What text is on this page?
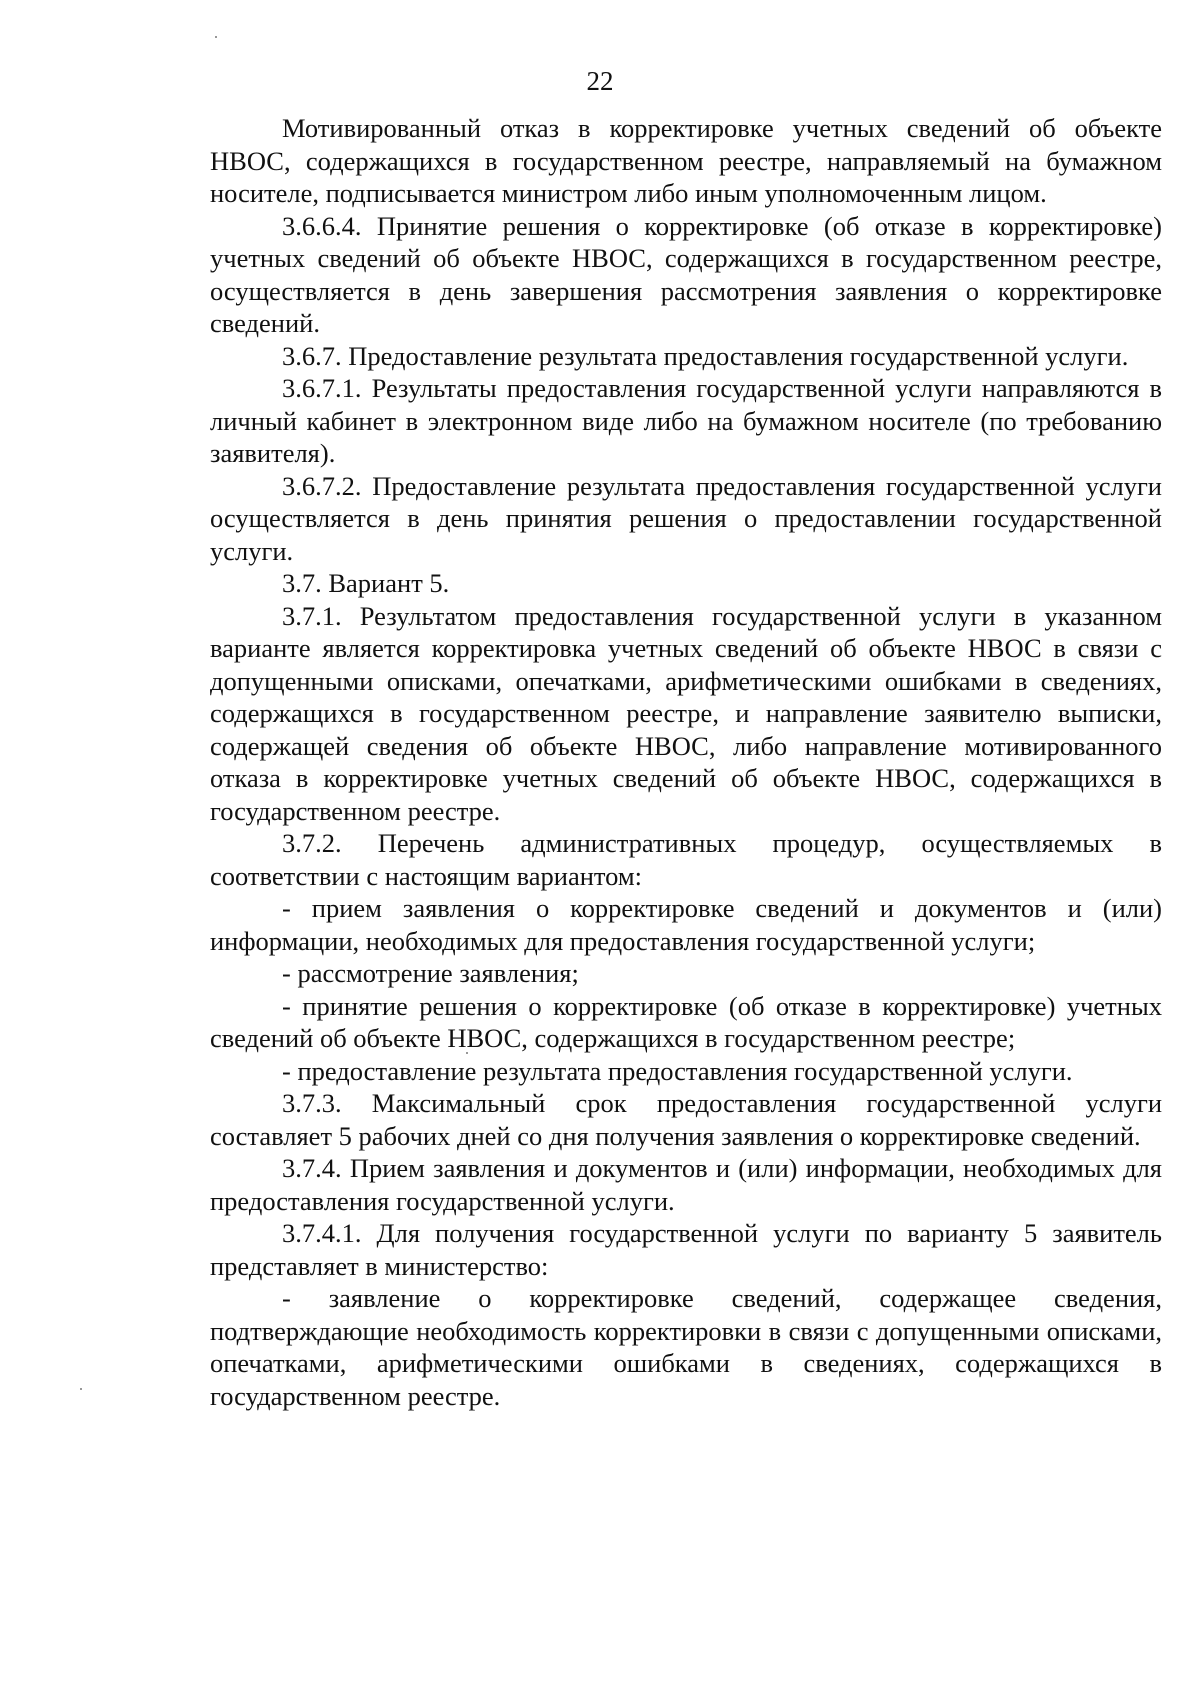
22

Мотивированный отказ в корректировке учетных сведений об объекте НВОС, содержащихся в государственном реестре, направляемый на бумажном носителе, подписывается министром либо иным уполномоченным лицом.

3.6.6.4. Принятие решения о корректировке (об отказе в корректировке) учетных сведений об объекте НВОС, содержащихся в государственном реестре, осуществляется в день завершения рассмотрения заявления о корректировке сведений.

3.6.7. Предоставление результата предоставления государственной услуги.

3.6.7.1. Результаты предоставления государственной услуги направляются в личный кабинет в электронном виде либо на бумажном носителе (по требованию заявителя).

3.6.7.2. Предоставление результата предоставления государственной услуги осуществляется в день принятия решения о предоставлении государственной услуги.

3.7. Вариант 5.

3.7.1. Результатом предоставления государственной услуги в указанном варианте является корректировка учетных сведений об объекте НВОС в связи с допущенными описками, опечатками, арифметическими ошибками в сведениях, содержащихся в государственном реестре, и направление заявителю выписки, содержащей сведения об объекте НВОС, либо направление мотивированного отказа в корректировке учетных сведений об объекте НВОС, содержащихся в государственном реестре.

3.7.2. Перечень административных процедур, осуществляемых в соответствии с настоящим вариантом:

- прием заявления о корректировке сведений и документов и (или) информации, необходимых для предоставления государственной услуги;

- рассмотрение заявления;

- принятие решения о корректировке (об отказе в корректировке) учетных сведений об объекте НВОС, содержащихся в государственном реестре;

- предоставление результата предоставления государственной услуги.

3.7.3. Максимальный срок предоставления государственной услуги составляет 5 рабочих дней со дня получения заявления о корректировке сведений.

3.7.4. Прием заявления и документов и (или) информации, необходимых для предоставления государственной услуги.

3.7.4.1. Для получения государственной услуги по варианту 5 заявитель представляет в министерство:

- заявление о корректировке сведений, содержащее сведения, подтверждающие необходимость корректировки в связи с допущенными описками, опечатками, арифметическими ошибками в сведениях, содержащихся в государственном реестре.
